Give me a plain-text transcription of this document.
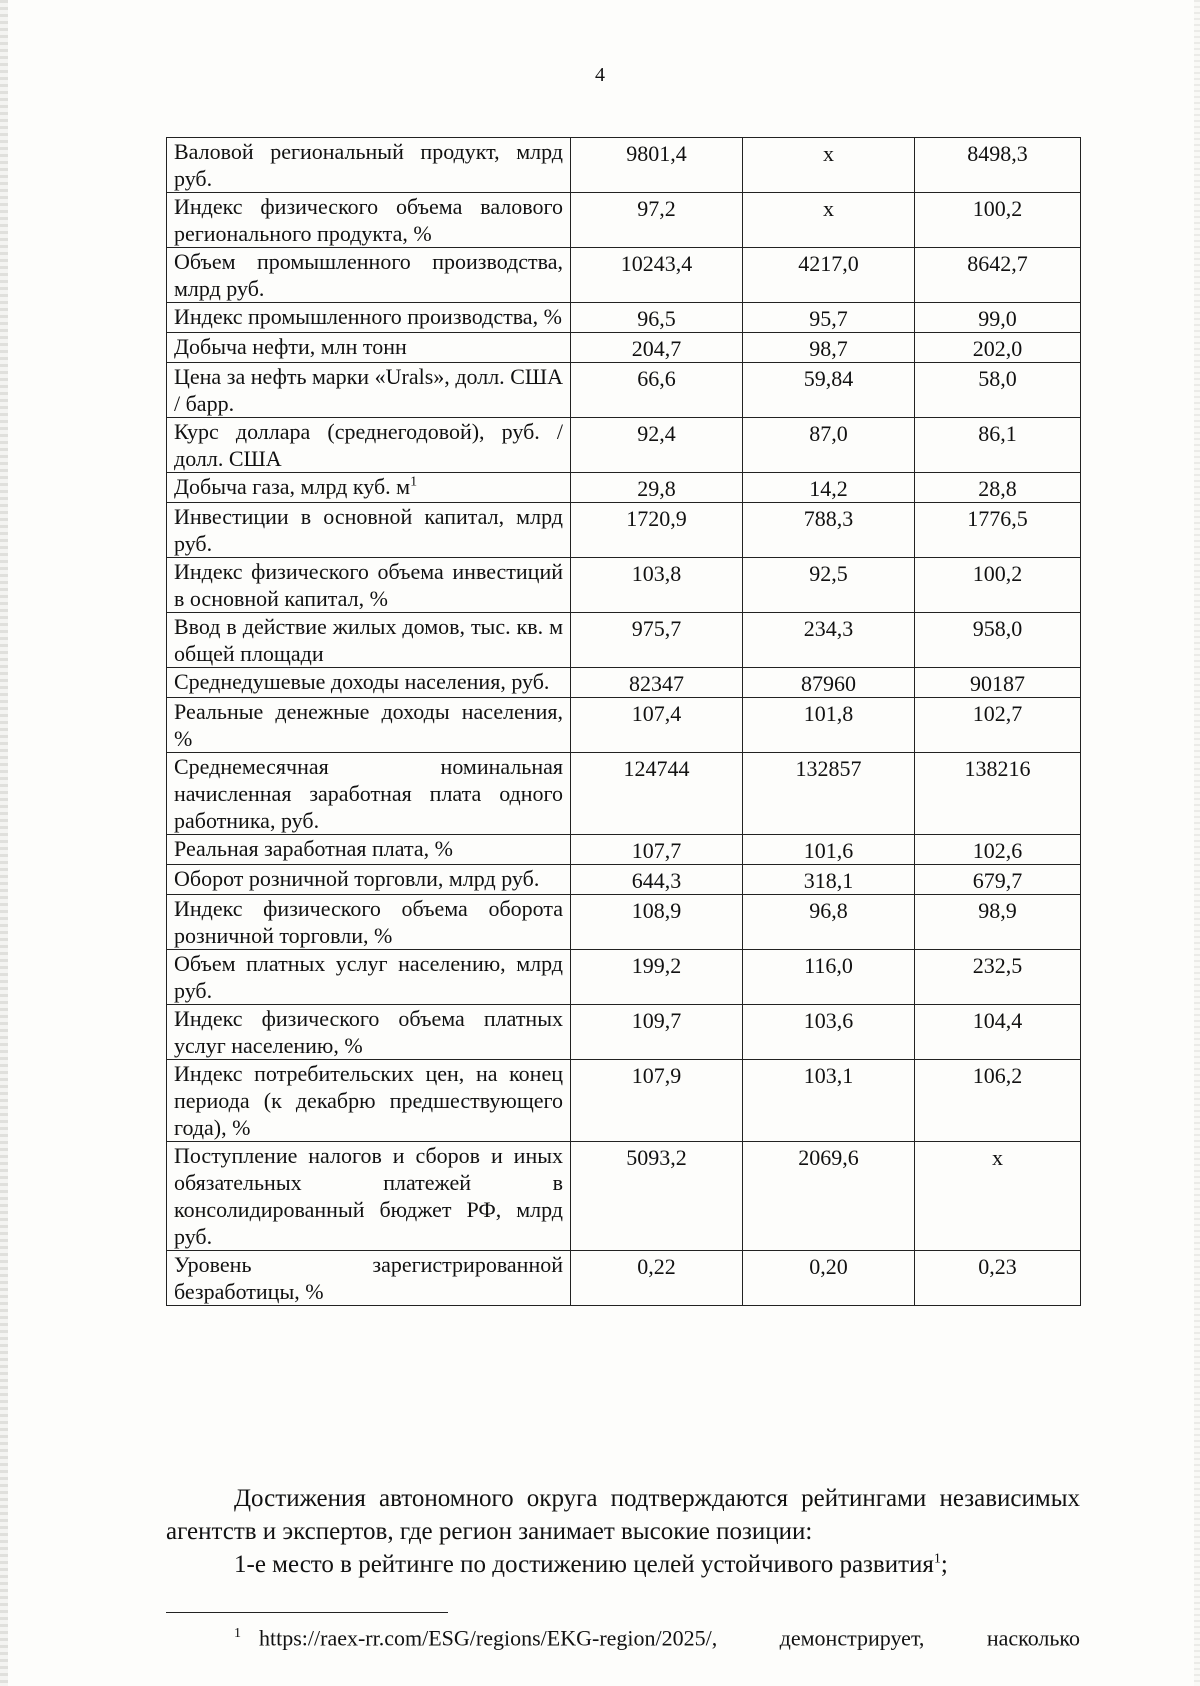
4
Валовой региональный продукт, млрд руб.	9801,4	x	8498,3
Индекс физического объема валового регионального продукта, %	97,2	x	100,2
Объем промышленного производства, млрд руб.	10243,4	4217,0	8642,7
Индекс промышленного производства, %	96,5	95,7	99,0
Добыча нефти, млн тонн	204,7	98,7	202,0
Цена за нефть марки «Urals», долл. США / барр.	66,6	59,84	58,0
Курс доллара (среднегодовой), руб. /долл. США	92,4	87,0	86,1
Добыча газа, млрд куб. $м^1$	29,8	14,2	28,8
Инвестиции в основной капитал, млрд руб.	1720,9	788,3	1776,5
Индекс физического объема инвестиций в основной капитал, %	103,8	92,5	100,2
Ввод в действие жилых домов, тыс. кв. м общей площади	975,7	234,3	958,0
Среднедушевые доходы населения, руб.	82347	87960	90187
Реальные денежные доходы населения, %	107,4	101,8	102,7
Среднемесячная номинальная начисленная заработная плата одного работника, руб.	124744	132857	138216
Реальная заработная плата, %	107,7	101,6	102,6
Оборот розничной торговли, млрд руб.	644,3	318,1	679,7
Индекс физического объема оборота розничной торговли, %	108,9	96,8	98,9
Объем платных услуг населению, млрд руб.	199,2	116,0	232,5
Индекс физического объема платных услуг населению, %	109,7	103,6	104,4
Индекс потребительских цен, на конец периода (к декабрю предшествующего года), %	107,9	103,1	106,2
Поступление налогов и сборов и иных обязательных платежей в консолидированный бюджет РФ, млрд руб.	5093,2	2069,6	x
Уровень зарегистрированной безработицы, %	0,22	0,20	0,23
Достижения автономного округа подтверждаются рейтингами независимых агентств и экспертов, где регион занимает высокие позиции:
1-е место в рейтинге по достижению целей устойчивого развития$^1$;
$^1$ https://raex-rr.com/ESG/regions/EKG-region/2025/, демонстрирует, насколько
